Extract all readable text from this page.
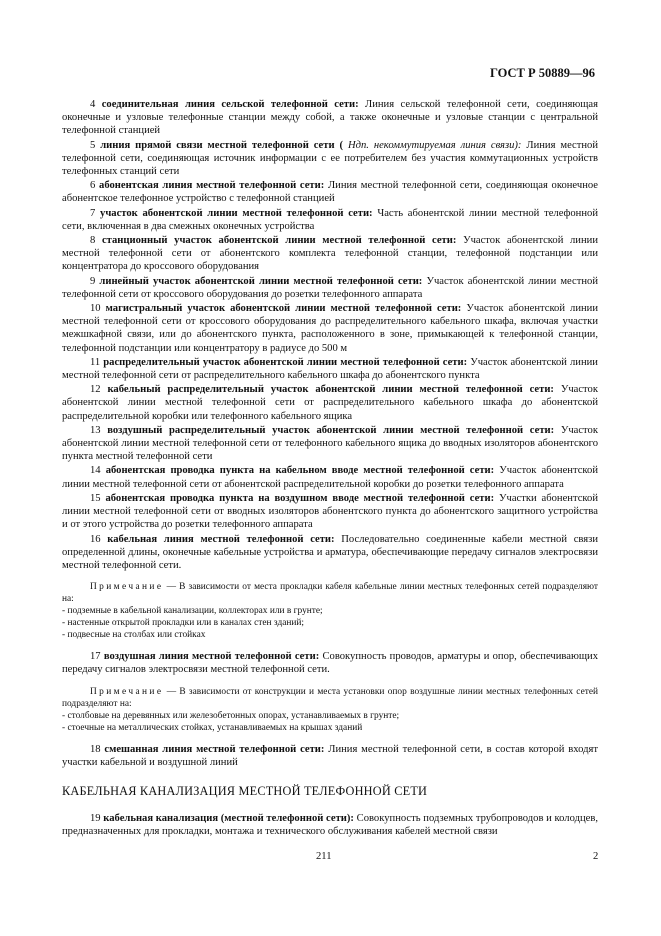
ГОСТ Р 50889—96

4 соединительная линия сельской телефонной сети: Линия сельской телефонной сети, соединяющая оконечные и узловые телефонные станции между собой, а также оконечные и узловые станции с центральной телефонной станцией

5 линия прямой связи местной телефонной сети ( Ндп. некоммутируемая линия связи): Линия местной телефонной сети, соединяющая источник информации с ее потребителем без участия коммутационных устройств телефонных станций сети

6 абонентская линия местной телефонной сети: Линия местной телефонной сети, соединяющая оконечное абонентское телефонное устройство с телефонной станцией

7 участок абонентской линии местной телефонной сети: Часть абонентской линии местной телефонной сети, включенная в два смежных оконечных устройства

8 станционный участок абонентской линии местной телефонной сети: Участок абонентской линии местной телефонной сети от абонентского комплекта телефонной станции, телефонной подстанции или концентратора до кроссового оборудования

9 линейный участок абонентской линии местной телефонной сети: Участок абонентской линии местной телефонной сети от кроссового оборудования до розетки телефонного аппарата

10 магистральный участок абонентской линии местной телефонной сети: Участок абонентской линии местной телефонной сети от кроссового оборудования до распределительного кабельного шкафа, включая участки межшкафной связи, или до абонентского пункта, расположенного в зоне, примыкающей к телефонной станции, телефонной подстанции или концентратору в радиусе до 500 м

11 распределительный участок абонентской линии местной телефонной сети: Участок абонентской линии местной телефонной сети от распределительного кабельного шкафа до абонентского пункта

12 кабельный распределительный участок абонентской линии местной телефонной сети: Участок абонентской линии местной телефонной сети от распределительного кабельного шкафа до абонентской распределительной коробки или телефонного кабельного ящика

13 воздушный распределительный участок абонентской линии местной телефонной сети: Участок абонентской линии местной телефонной сети от телефонного кабельного ящика до вводных изоляторов абонентского пункта местной телефонной сети

14 абонентская проводка пункта на кабельном вводе местной телефонной сети: Участок абонентской линии местной телефонной сети от абонентской распределительной коробки до розетки телефонного аппарата

15 абонентская проводка пункта на воздушном вводе местной телефонной сети: Участки абонентской линии местной телефонной сети от вводных изоляторов абонентского пункта до абонентского защитного устройства и от этого устройства до розетки телефонного аппарата

16 кабельная линия местной телефонной сети: Последовательно соединенные кабели местной связи определенной длины, оконечные кабельные устройства и арматура, обеспечивающие передачу сигналов электросвязи местной телефонной сети.

Примечание — В зависимости от места прокладки кабеля кабельные линии местных телефонных сетей подразделяют на:

- подземные в кабельной канализации, коллекторах или в грунте;
- настенные открытой прокладки или в каналах стен зданий;
- подвесные на столбах или стойках

17 воздушная линия местной телефонной сети: Совокупность проводов, арматуры и опор, обеспечивающих передачу сигналов электросвязи местной телефонной сети.

Примечание — В зависимости от конструкции и места установки опор воздушные линии местных телефонных сетей подразделяют на:

- столбовые на деревянных или железобетонных опорах, устанавливаемых в грунте;
- стоечные на металлических стойках, устанавливаемых на крышах зданий

18 смешанная линия местной телефонной сети: Линия местной телефонной сети, в состав которой входят участки кабельной и воздушной линий

КАБЕЛЬНАЯ КАНАЛИЗАЦИЯ МЕСТНОЙ ТЕЛЕФОННОЙ СЕТИ

19 кабельная канализация (местной телефонной сети): Совокупность подземных трубопроводов и колодцев, предназначенных для прокладки, монтажа и технического обслуживания кабелей местной связи

211	2
